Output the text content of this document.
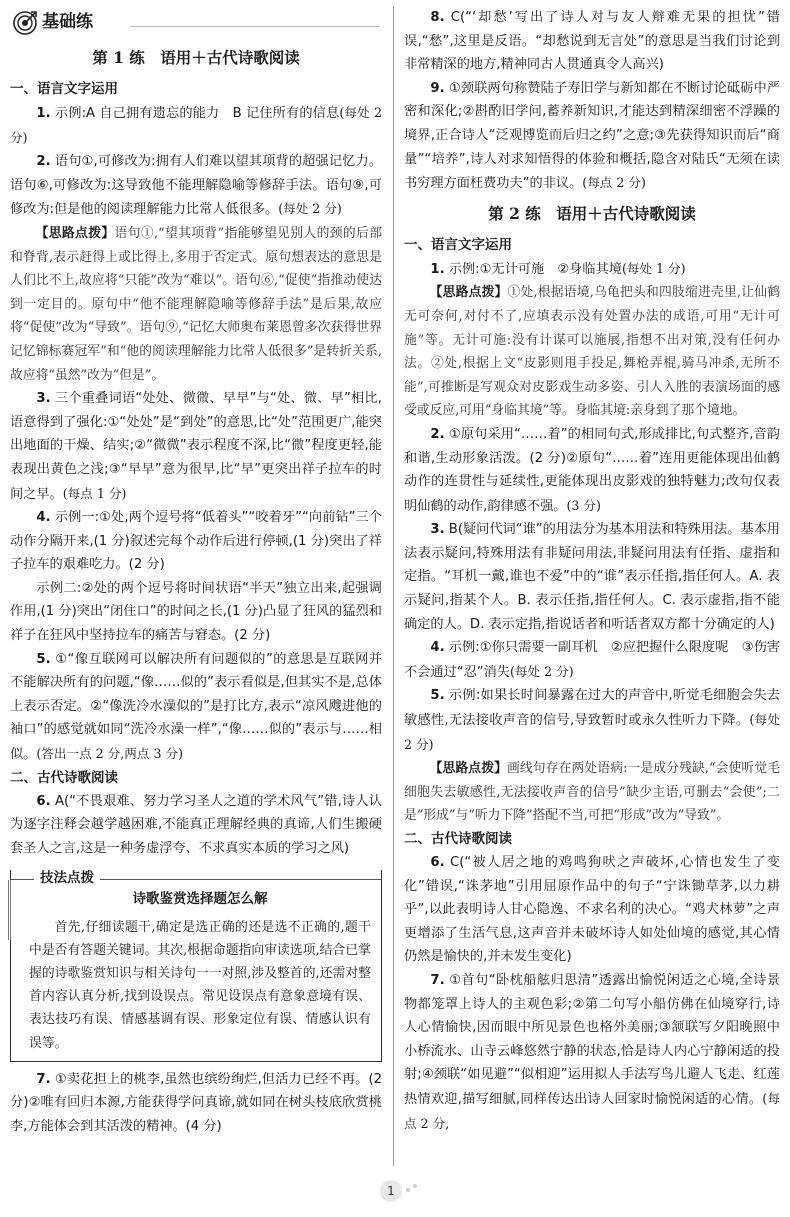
基础练
第 1 练　语用＋古代诗歌阅读
一、语言文字运用

1. 示例:A 自己拥有遗忘的能力　B 记住所有的信息(每处 2 分)

2. 语句①,可修改为:拥有人们难以望其项背的超强记忆力。语句⑥,可修改为:这导致他不能理解隐喻等修辞手法。语句⑨,可修改为:但是他的阅读理解能力比常人低很多。(每处 2 分)

【思路点拨】语句①,“望其项背”指能够望见别人的颈的后部和脊背,表示赶得上或比得上,多用于否定式。原句想表达的意思是人们比不上,故应将“只能”改为“难以”。语句⑥,“促使”指推动使达到一定目的。原句中“他不能理解隐喻等修辞手法”是后果,故应将“促使”改为“导致”。语句⑨,“记忆大师奥布莱恩曾多次获得世界记忆锦标赛冠军”和“他的阅读理解能力比常人低很多”是转折关系,故应将“虽然”改为“但是”。

3. 三个重叠词语“处处、微微、早早”与“处、微、早”相比,语意得到了强化:①“处处”是“到处”的意思,比“处”范围更广,能突出地面的干燥、结实;②“微微”表示程度不深,比“微”程度更轻,能表现出黄色之浅;③“早早”意为很早,比“早”更突出祥子拉车的时间之早。(每点 1 分)

4. 示例一:①处,两个逗号将“低着头”“咬着牙”“向前钻”三个动作分隔开来,(1 分)叙述完每个动作后进行停顿,(1 分)突出了祥子拉车的艰难吃力。(2 分)

示例二:②处的两个逗号将时间状语“半天”独立出来,起强调作用,(1 分)突出“闭住口”的时间之长,(1 分)凸显了狂风的猛烈和祥子在狂风中坚持拉车的痛苦与窘态。(2 分)

5. ①“像互联网可以解决所有问题似的”的意思是互联网并不能解决所有的问题,“像……似的”表示看似是,但其实不是,总体上表示否定。②“像洗冷水澡似的”是打比方,表示“凉风飕进他的袖口”的感觉就如同“洗冷水澡一样”,“像……似的”表示与……相似。(答出一点 2 分,两点 3 分)

二、古代诗歌阅读

6. A(“不畏艰难、努力学习圣人之道的学术风气”错,诗人认为逐字注释会越学越困难,不能真正理解经典的真谛,人们生搬硬套圣人之言,这是一种务虚浮夸、不求真实本质的学习之风)

技法点拨
诗歌鉴赏选择题怎么解

首先,仔细读题干,确定是选正确的还是选不正确的,题干中是否有答题关键词。其次,根据命题指向审读选项,结合已掌握的诗歌鉴赏知识与相关诗句一一对照,涉及整首的,还需对整首内容认真分析,找到设误点。常见设误点有意象意境有误、表达技巧有误、情感基调有误、形象定位有误、情感认识有误等。

7. ①卖花担上的桃李,虽然也缤纷绚烂,但活力已经不再。(2 分)②唯有回归本源,方能获得学问真谛,就如同在树头枝底欣赏桃李,方能体会到其活泼的精神。(4 分)

8. C(“‘却愁’写出了诗人对与友人辩难无果的担忧”错误,“愁”,这里是反语。“却愁说到无言处”的意思是当我们讨论到非常精深的地方,精神同古人贯通真令人高兴)

9. ①颈联两句称赞陆子寿旧学与新知都在不断讨论砥砺中严密和深化;②斟酌旧学问,蓄养新知识,才能达到精深细密不浮躁的境界,正合诗人“泛观博览而后归之约”之意;③先获得知识而后“商量”“培养”,诗人对求知悟得的体验和概括,隐含对陆氏“无须在读书穷理方面枉费功夫”的非议。(每点 2 分)

第 2 练　语用＋古代诗歌阅读
一、语言文字运用

1. 示例:①无计可施　②身临其境(每处 1 分)

【思路点拨】①处,根据语境,乌龟把头和四肢缩进壳里,让仙鹤无可奈何,对付不了,应填表示没有处置办法的成语,可用“无计可施”等。无计可施:没有计谋可以施展,指想不出对策,没有任何办法。②处,根据上文“皮影则甩手投足,舞枪弄棍,骑马冲杀,无所不能”,可推断是写观众对皮影戏生动多姿、引人入胜的表演场面的感受或反应,可用“身临其境”等。身临其境:亲身到了那个境地。

2. ①原句采用“……着”的相同句式,形成排比,句式整齐,音韵和谐,生动形象活泼。(2 分)②原句“……着”连用更能体现出仙鹤动作的连贯性与延续性,更能体现出皮影戏的独特魅力;改句仅表明仙鹤的动作,韵律感不强。(3 分)

3. B(疑问代词“谁”的用法分为基本用法和特殊用法。基本用法表示疑问,特殊用法有非疑问用法,非疑问用法有任指、虚指和定指。“耳机一戴,谁也不爱”中的“谁”表示任指,指任何人。A. 表示疑问,指某个人。B. 表示任指,指任何人。C. 表示虚指,指不能确定的人。D. 表示定指,指说话者和听话者双方都十分确定的人)

4. 示例:①你只需要一副耳机　②应把握什么限度呢　③伤害不会通过“忍”消失(每处 2 分)

5. 示例:如果长时间暴露在过大的声音中,听觉毛细胞会失去敏感性,无法接收声音的信号,导致暂时或永久性听力下降。(每处 2 分)

【思路点拨】画线句存在两处语病:一是成分残缺,“会使听觉毛细胞失去敏感性,无法接收声音的信号”缺少主语,可删去“会使”;二是“形成”与“听力下降”搭配不当,可把“形成”改为“导致”。

二、古代诗歌阅读

6. C(“被人居之地的鸡鸣狗吠之声破坏,心情也发生了变化”错误,“诛茅地”引用屈原作品中的句子“宁诛锄草茅,以力耕乎”,以此表明诗人甘心隐逸、不求名利的决心。“鸡犬林萝”之声更增添了生活气息,这声音并未破坏诗人如处仙境的感觉,其心情仍然是愉快的,并未发生变化)

7. ①首句“卧枕船舷归思清”透露出愉悦闲适之心境,全诗景物都笼罩上诗人的主观色彩;②第二句写小船仿佛在仙境穿行,诗人心情愉快,因而眼中所见景色也格外美丽;③颔联写夕阳晚照中小桥流水、山寺云峰悠然宁静的状态,恰是诗人内心宁静闲适的投射;④颈联“如见避”“似相迎”运用拟人手法写鸟儿避人飞走、红莲热情欢迎,描写细腻,同样传达出诗人回家时愉悦闲适的心情。(每点 2 分,

1
